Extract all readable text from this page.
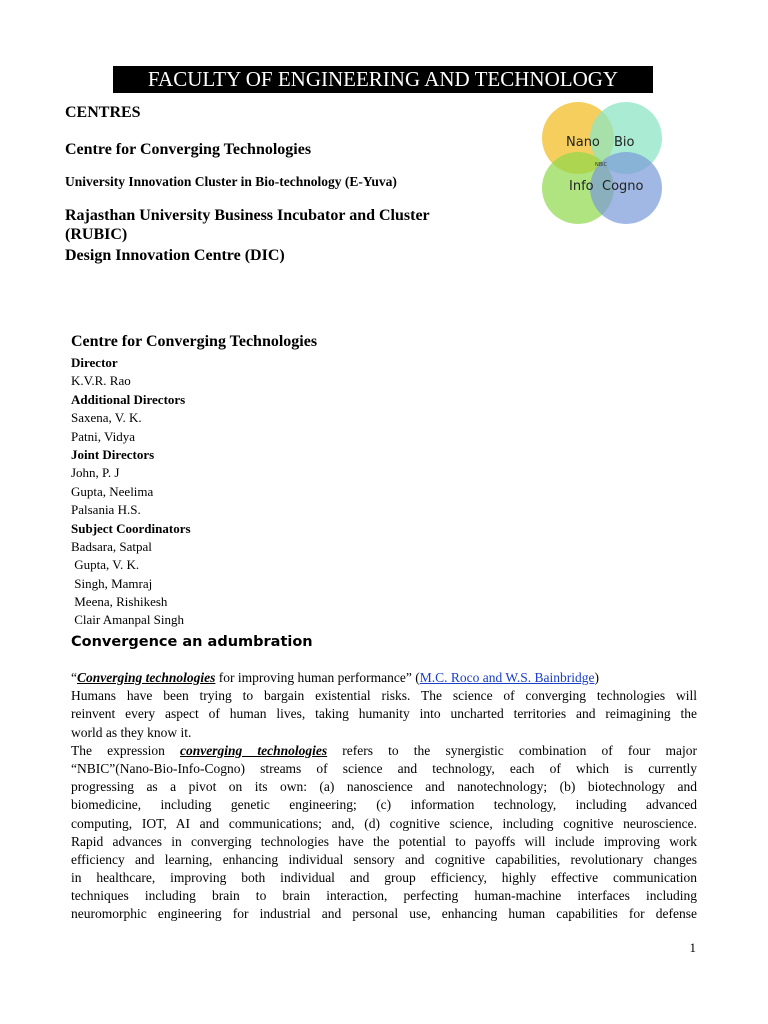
FACULTY OF ENGINEERING AND TECHNOLOGY
CENTRES
Centre for Converging Technologies
University Innovation Cluster in Bio-technology (E-Yuva)
Rajasthan University Business Incubator and Cluster (RUBIC)
Design Innovation Centre (DIC)
Nano Bio
NBIC
Info Cogno
Centre for Converging Technologies
Director
K.V.R. Rao
Additional Directors
Saxena, V. K.
Patni, Vidya
Joint Directors
John, P. J
Gupta, Neelima
Palsania H.S.
Subject Coordinators
Badsara, Satpal
Gupta, V. K.
Singh, Mamraj
Meena, Rishikesh
Clair Amanpal Singh
Convergence an adumbration
“Converging technologies for improving human performance” (M.C. Roco and W.S. Bainbridge)
Humans have been trying to bargain existential risks. The science of converging technologies will
reinvent every aspect of human lives, taking humanity into uncharted territories and reimagining the
world as they know it.
The expression converging technologies refers to the synergistic combination of four major
“NBIC”(Nano-Bio-Info-Cogno) streams of science and technology, each of which is currently
progressing as a pivot on its own: (a) nanoscience and nanotechnology; (b) biotechnology and
biomedicine, including genetic engineering; (c) information technology, including advanced
computing, IOT, AI and communications; and, (d) cognitive science, including cognitive neuroscience.
Rapid advances in converging technologies have the potential to payoffs will include improving work
efficiency and learning, enhancing individual sensory and cognitive capabilities, revolutionary changes
in healthcare, improving both individual and group efficiency, highly effective communication
techniques including brain to brain interaction, perfecting human-machine interfaces including
neuromorphic engineering for industrial and personal use, enhancing human capabilities for defense
1
